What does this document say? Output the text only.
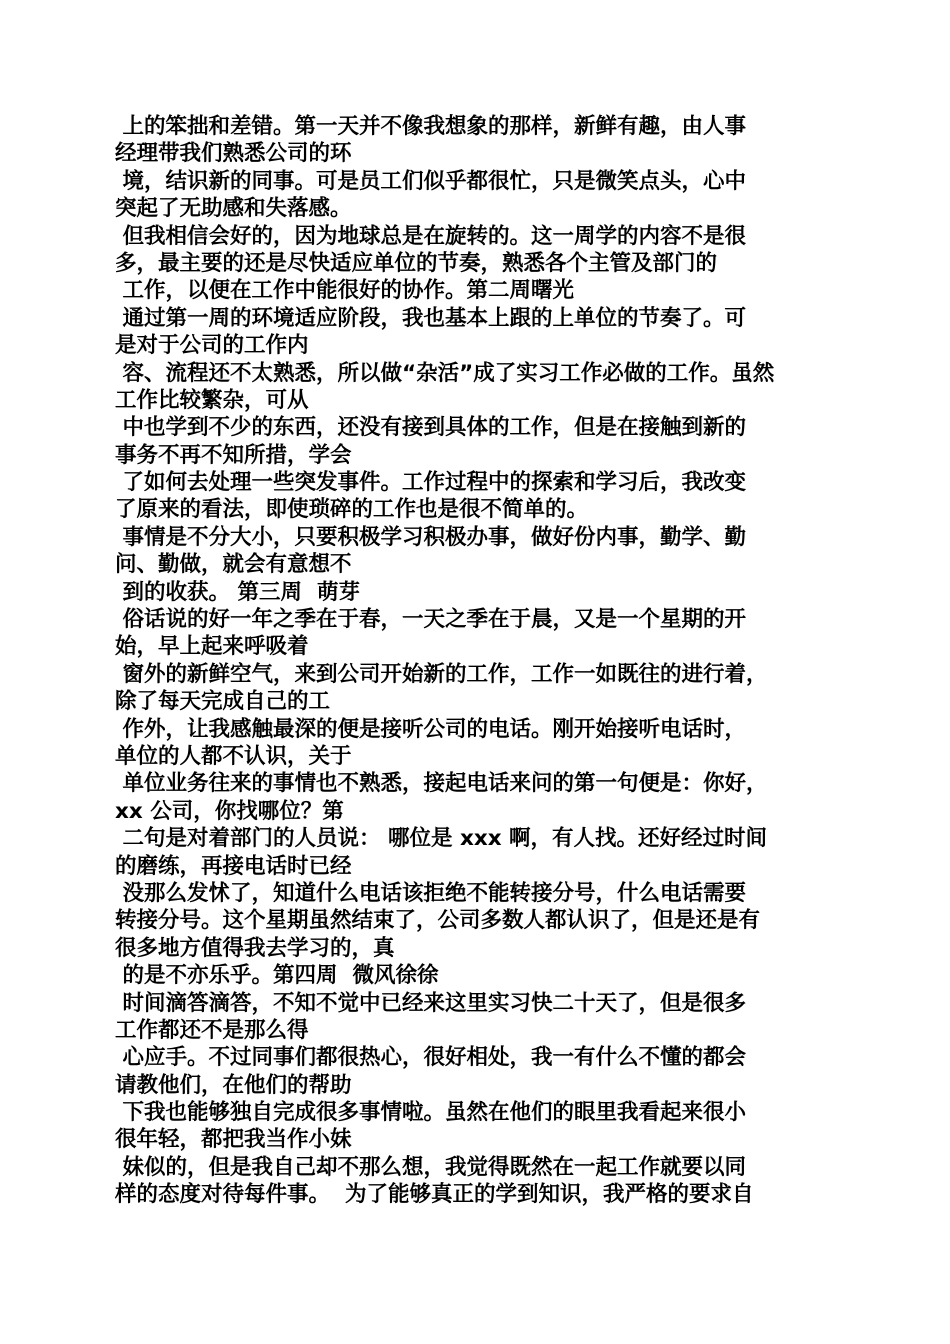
上的笨拙和差错。第一天并不像我想象的那样，新鲜有趣，由人事
经理带我们熟悉公司的环
境，结识新的同事。可是员工们似乎都很忙，只是微笑点头，心中
突起了无助感和失落感。
但我相信会好的，因为地球总是在旋转的。这一周学的内容不是很
多，最主要的还是尽快适应单位的节奏，熟悉各个主管及部门的
工作，以便在工作中能很好的协作。第二周曙光
通过第一周的环境适应阶段，我也基本上跟的上单位的节奏了。可
是对于公司的工作内
容、流程还不太熟悉，所以做“杂活”成了实习工作必做的工作。虽然
工作比较繁杂，可从
中也学到不少的东西，还没有接到具体的工作，但是在接触到新的
事务不再不知所措，学会
了如何去处理一些突发事件。工作过程中的探索和学习后，我改变
了原来的看法，即使琐碎的工作也是很不简单的。
事情是不分大小，只要积极学习积极办事，做好份内事，勤学、勤
问、勤做，就会有意想不
到的收获。 第三周  萌芽
俗话说的好一年之季在于春，一天之季在于晨，又是一个星期的开
始，早上起来呼吸着
窗外的新鲜空气，来到公司开始新的工作，工作一如既往的进行着，
除了每天完成自己的工
作外，让我感触最深的便是接听公司的电话。刚开始接听电话时，
单位的人都不认识，关于
单位业务往来的事情也不熟悉，接起电话来问的第一句便是：你好，
xx 公司，你找哪位？第
二句是对着部门的人员说： 哪位是 xxx 啊，有人找。还好经过时间
的磨练，再接电话时已经
没那么发怵了，知道什么电话该拒绝不能转接分号，什么电话需要
转接分号。这个星期虽然结束了，公司多数人都认识了，但是还是有
很多地方值得我去学习的，真
的是不亦乐乎。第四周  微风徐徐
时间滴答滴答，不知不觉中已经来这里实习快二十天了，但是很多
工作都还不是那么得
心应手。不过同事们都很热心，很好相处，我一有什么不懂的都会
请教他们，在他们的帮助
下我也能够独自完成很多事情啦。虽然在他们的眼里我看起来很小
很年轻，都把我当作小妹
妹似的，但是我自己却不那么想，我觉得既然在一起工作就要以同
样的态度对待每件事。  为了能够真正的学到知识，我严格的要求自
